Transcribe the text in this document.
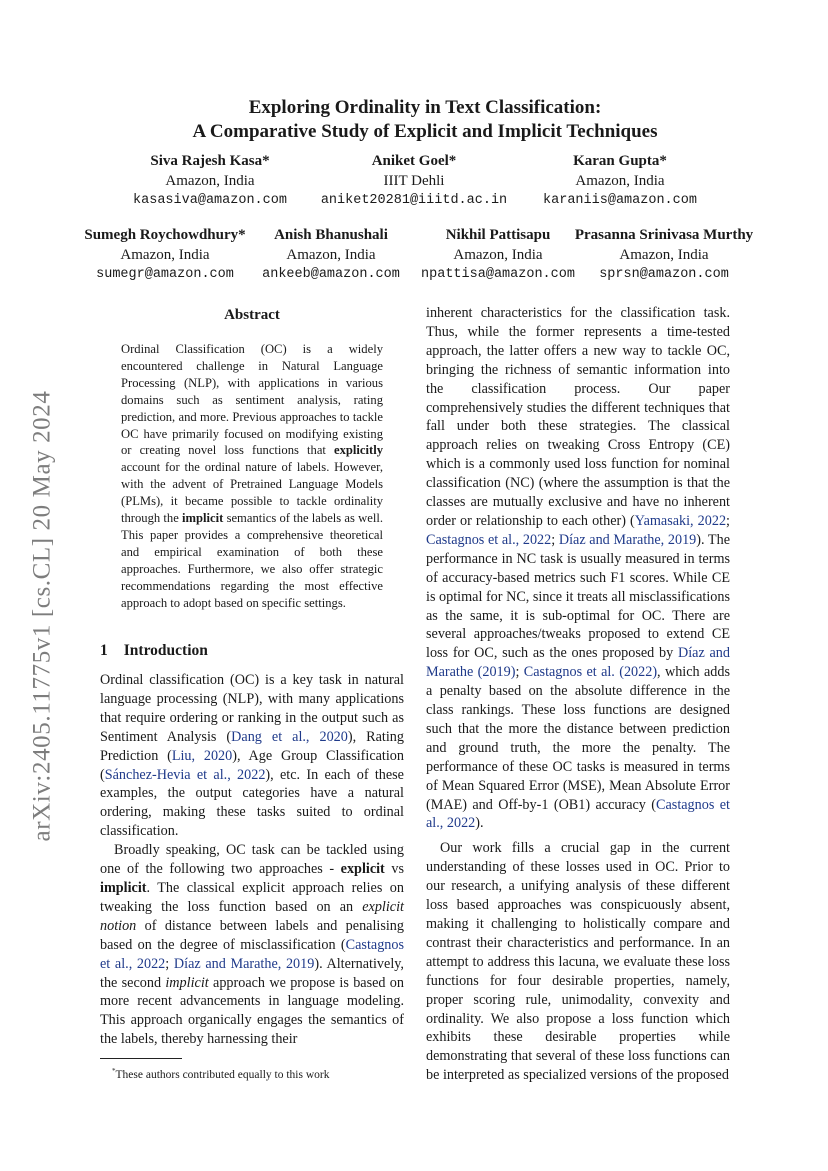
arXiv:2405.11775v1 [cs.CL] 20 May 2024
Exploring Ordinality in Text Classification:
A Comparative Study of Explicit and Implicit Techniques
Siva Rajesh Kasa*
Amazon, India
kasasiva@amazon.com
Aniket Goel*
IIIT Dehli
aniket20281@iiitd.ac.in
Karan Gupta*
Amazon, India
karaniis@amazon.com
Sumegh Roychowdhury*
Amazon, India
sumegr@amazon.com
Anish Bhanushali
Amazon, India
ankeeb@amazon.com
Nikhil Pattisapu
Amazon, India
npattisa@amazon.com
Prasanna Srinivasa Murthy
Amazon, India
sprsn@amazon.com
Abstract

Ordinal Classification (OC) is a widely encountered challenge in Natural Language Processing (NLP), with applications in various domains such as sentiment analysis, rating prediction, and more. Previous approaches to tackle OC have primarily focused on modifying existing or creating novel loss functions that explicitly account for the ordinal nature of labels. However, with the advent of Pretrained Language Models (PLMs), it became possible to tackle ordinality through the implicit semantics of the labels as well. This paper provides a comprehensive theoretical and empirical examination of both these approaches. Furthermore, we also offer strategic recommendations regarding the most effective approach to adopt based on specific settings.

1 Introduction

Ordinal classification (OC) is a key task in natural language processing (NLP), with many applications that require ordering or ranking in the output such as Sentiment Analysis (Dang et al., 2020), Rating Prediction (Liu, 2020), Age Group Classification (Sánchez-Hevia et al., 2022), etc. In each of these examples, the output categories have a natural ordering, making these tasks suited to ordinal classification.

Broadly speaking, OC task can be tackled using one of the following two approaches - explicit vs implicit. The classical explicit approach relies on tweaking the loss function based on an explicit notion of distance between labels and penalising based on the degree of misclassification (Castagnos et al., 2022; Díaz and Marathe, 2019). Alternatively, the second implicit approach we propose is based on more recent advancements in language modeling. This approach organically engages the semantics of the labels, thereby harnessing their

inherent characteristics for the classification task. Thus, while the former represents a time-tested approach, the latter offers a new way to tackle OC, bringing the richness of semantic information into the classification process. Our paper comprehensively studies the different techniques that fall under both these strategies. The classical approach relies on tweaking Cross Entropy (CE) which is a commonly used loss function for nominal classification (NC) (where the assumption is that the classes are mutually exclusive and have no inherent order or relationship to each other) (Yamasaki, 2022; Castagnos et al., 2022; Díaz and Marathe, 2019). The performance in NC task is usually measured in terms of accuracy-based metrics such F1 scores. While CE is optimal for NC, since it treats all misclassifications as the same, it is sub-optimal for OC. There are several approaches/tweaks proposed to extend CE loss for OC, such as the ones proposed by Díaz and Marathe (2019); Castagnos et al. (2022), which adds a penalty based on the absolute difference in the class rankings. These loss functions are designed such that the more the distance between prediction and ground truth, the more the penalty. The performance of these OC tasks is measured in terms of Mean Squared Error (MSE), Mean Absolute Error (MAE) and Off-by-1 (OB1) accuracy (Castagnos et al., 2022).

Our work fills a crucial gap in the current understanding of these losses used in OC. Prior to our research, a unifying analysis of these different loss based approaches was conspicuously absent, making it challenging to holistically compare and contrast their characteristics and performance. In an attempt to address this lacuna, we evaluate these loss functions for four desirable properties, namely, proper scoring rule, unimodality, convexity and ordinality. We also propose a loss function which exhibits these desirable properties while demonstrating that several of these loss functions can be interpreted as specialized versions of the proposed

*These authors contributed equally to this work
